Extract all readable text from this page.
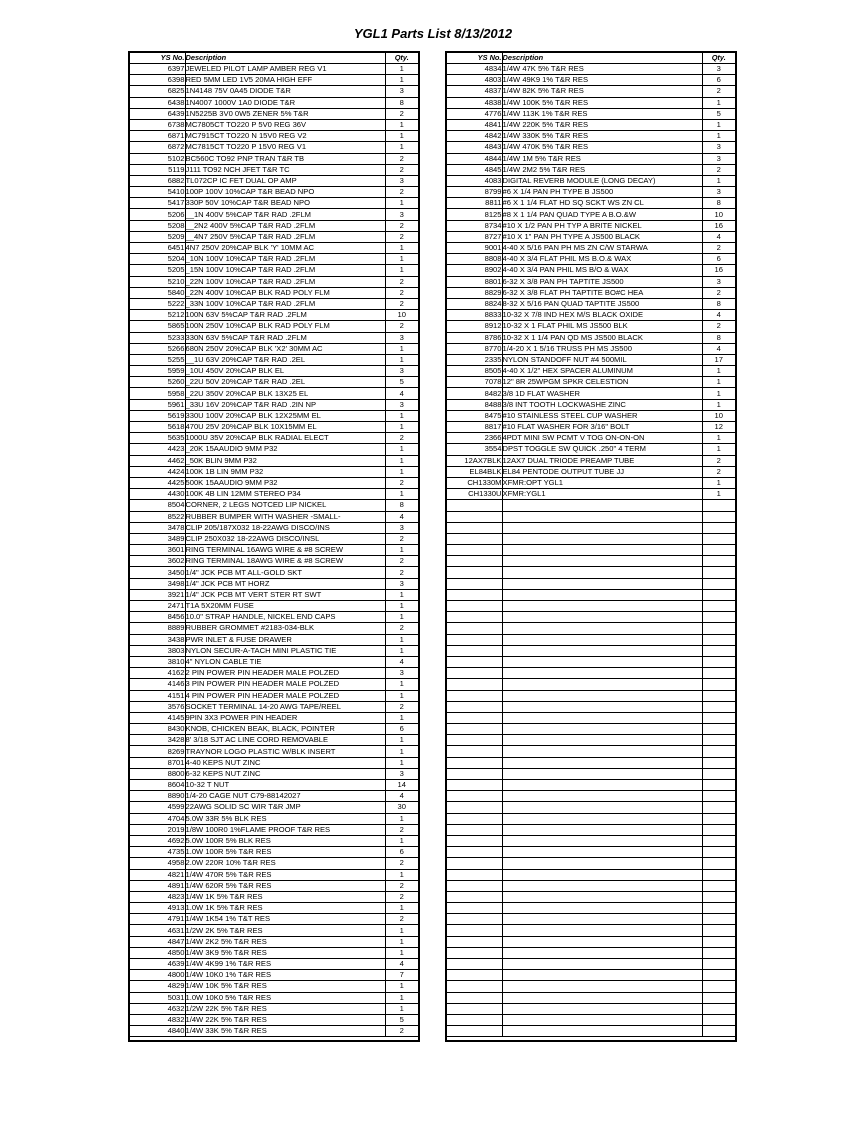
YGL1 Parts List 8/13/2012
YS No.	Description	Qty.
6397	JEWELED PILOT LAMP AMBER REG V1	1
6398	RED 5MM LED 1V5 20MA HIGH EFF	1
6825	1N4148 75V 0A45 DIODE T&R	3
6438	1N4007 1000V 1A0 DIODE T&R	8
6439	1N5225B 3V0 0W5 ZENER 5% T&R	2
6738	MC7805CT TO220 P 5V0 REG 36V	1
6871	MC7915CT TO220 N 15V0 REG V2	1
6872	MC7815CT TO220 P 15V0 REG V1	1
5102	BC560C TO92 PNP TRAN T&R TB	2
5119	J111 TO92 NCH JFET T&R TC	2
6882	TL072CP IC FET DUAL OP AMP	3
5410	100P 100V 10%CAP T&R BEAD NPO	2
5417	330P 50V 10%CAP T&R BEAD NPO	1
5206	__1N 400V 5%CAP T&R RAD .2FLM	3
5208	__2N2 400V 5%CAP T&R RAD .2FLM	2
5209	__4N7 250V 5%CAP T&R RAD .2FLM	2
6451	4N7 250V 20%CAP BLK 'Y' 10MM AC	1
5204	_10N 100V 10%CAP T&R RAD .2FLM	1
5205	_15N 100V 10%CAP T&R RAD .2FLM	1
5210	_22N 100V 10%CAP T&R RAD .2FLM	2
5840	_22N 400V 10%CAP BLK RAD POLY FLM	2
5222	_33N 100V 10%CAP T&R RAD .2FLM	2
5212	100N 63V 5%CAP T&R RAD .2FLM	10
5865	100N 250V 10%CAP BLK RAD POLY FLM	2
5233	330N 63V 5%CAP T&R RAD .2FLM	3
5266	680N 250V 20%CAP BLK 'X2' 30MM AC	1
5255	__1U 63V 20%CAP T&R RAD .2EL	1
5959	_10U 450V 20%CAP BLK EL	3
5260	_22U 50V 20%CAP T&R RAD .2EL	5
5958	_22U 350V 20%CAP BLK 13X25 EL	4
5961	_33U 16V 20%CAP T&R RAD .2IN NP	3
5619	330U 100V 20%CAP BLK 12X25MM EL	1
5618	470U 25V 20%CAP BLK 10X15MM EL	1
5635	1000U 35V 20%CAP BLK RADIAL ELECT	2
4423	_20K 15AAUDIO 9MM P32	1
4462	_50K BLIN 9MM P32	1
4424	100K 1B LIN 9MM P32	1
4425	500K 15AAUDIO 9MM P32	2
4430	100K 4B LIN 12MM STEREO P34	1
8504	CORNER, 2 LEGS NOTCED LIP NICKEL	8
8522	RUBBER BUMPER WITH WASHER -SMALL-	4
3478	CLIP 205/187X032 18-22AWG DISCO/INS	3
3489	CLIP 250X032 18-22AWG DISCO/INSL	2
3601	RING TERMINAL 16AWG WIRE & #8 SCREW	1
3602	RING TERMINAL 18AWG WIRE & #8 SCREW	2
3450	1/4" JCK PCB MT ALL-GOLD SKT	2
3498	1/4" JCK PCB MT HORZ	3
3921	1/4" JCK PCB MT VERT STER RT SWT	1
2471	T1A 5X20MM FUSE	1
8456	10.0" STRAP HANDLE, NICKEL END CAPS	1
8889	RUBBER GROMMET #2183-034-BLK	2
3438	PWR INLET & FUSE DRAWER	1
3803	NYLON SECUR-A-TACH MINI PLASTIC TIE	1
3810	4" NYLON CABLE TIE	4
4162	2 PIN POWER PIN HEADER MALE POLZED	3
4146	3 PIN POWER PIN HEADER MALE POLZED	1
4151	4 PIN POWER PIN HEADER MALE POLZED	1
3576	SOCKET TERMINAL 14-20 AWG TAPE/REEL	2
4145	9PIN 3X3 POWER PIN HEADER	1
8430	KNOB, CHICKEN BEAK, BLACK, POINTER	6
3428	8' 3/18 SJT AC LINE CORD REMOVABLE	1
8269	TRAYNOR LOGO PLASTIC W/BLK INSERT	1
8701	4-40 KEPS NUT ZINC	1
8800	6-32 KEPS NUT ZINC	3
8604	10-32 T NUT	14
8890	1/4-20 CAGE NUT C79-88142027	4
4599	22AWG SOLID SC WIR T&R JMP	30
4704	5.0W 33R 5% BLK RES	1
2019	1/8W 100R0 1%FLAME PROOF T&R RES	2
4692	5.0W 100R 5% BLK RES	1
4735	1.0W 100R 5% T&R RES	6
4958	2.0W 220R 10% T&R RES	2
4821	1/4W 470R 5% T&R RES	1
4891	1/4W 620R 5% T&R RES	2
4823	1/4W 1K 5% T&R RES	2
4913	1.0W 1K 5% T&R RES	1
4791	1/4W 1K54 1% T&T RES	2
4631	1/2W 2K 5% T&R RES	1
4847	1/4W 2K2 5% T&R RES	1
4850	1/4W 3K9 5% T&R RES	1
4639	1/4W 4K99 1% T&R RES	4
4800	1/4W 10K0 1% T&R RES	7
4829	1/4W 10K 5% T&R RES	1
5031	1.0W 10K0 5% T&R RES	1
4632	1/2W 22K 5% T&R RES	1
4832	1/4W 22K 5% T&R RES	5
4840	1/4W 33K 5% T&R RES	2
YS No.	Description	Qty.
4834	1/4W 47K 5% T&R RES	3
4803	1/4W 49K9 1% T&R RES	6
4837	1/4W 82K 5% T&R RES	2
4838	1/4W 100K 5% T&R RES	1
4776	1/4W 113K 1% T&R RES	5
4841	1/4W 220K 5% T&R RES	1
4842	1/4W 330K 5% T&R RES	1
4843	1/4W 470K 5% T&R RES	3
4844	1/4W 1M 5% T&R RES	3
4845	1/4W 2M2 5% T&R RES	2
4083	DIGITAL REVERB MODULE (LONG DECAY)	1
8799	#6 X 1/4 PAN PH TYPE B JS500	3
8811	#6 X 1 1/4 FLAT HD SQ SCKT WS ZN CL	8
8125	#8 X 1 1/4 PAN QUAD TYPE A B.O.&W	10
8734	#10 X 1/2 PAN PH TYP A BRITE NICKEL	16
8727	#10 X 1" PAN PH TYPE A JS500 BLACK	4
9001	4-40 X 5/16 PAN PH MS ZN C/W STARWA	2
8808	4-40 X 3/4 FLAT PHIL MS B.O.& WAX	6
8902	4-40 X 3/4 PAN PHIL MS B/O & WAX	16
8801	6-32 X 3/8 PAN PH TAPTITE JS500	3
8829	6-32 X 3/8 FLAT PH TAPTITE BO#C HEA	2
8824	8-32 X 5/16 PAN QUAD TAPTITE JS500	8
8833	10-32 X 7/8 IND HEX M/S BLACK OXIDE	4
8912	10-32 X 1 FLAT PHIL MS JS500 BLK	2
8786	10-32 X 1 1/4 PAN QD MS JS500 BLACK	8
8770	1/4-20 X 1 5/16 TRUSS PH MS JS500	4
2335	NYLON STANDOFF NUT #4 500MIL	17
8505	4-40 X 1/2" HEX SPACER ALUMINUM	1
7078	12" 8R 25WPGM SPKR CELESTION	1
8482	3/8 1D FLAT WASHER	1
8488	3/8 INT TOOTH LOCKWASHE ZINC	1
8475	#10 STAINLESS STEEL CUP WASHER	10
8817	#10 FLAT WASHER FOR 3/16" BOLT	12
2366	4PDT MINI SW PCMT V TOG ON-ON-ON	1
3554	DPST TOGGLE SW QUICK .250" 4 TERM	1
12AX7BLK	12AX7 DUAL TRIODE PREAMP TUBE	2
EL84BLK	EL84 PENTODE OUTPUT TUBE JJ	2
CH1330M	XFMR:OPT YGL1	1
CH1330U	XFMR:YGL1	1
